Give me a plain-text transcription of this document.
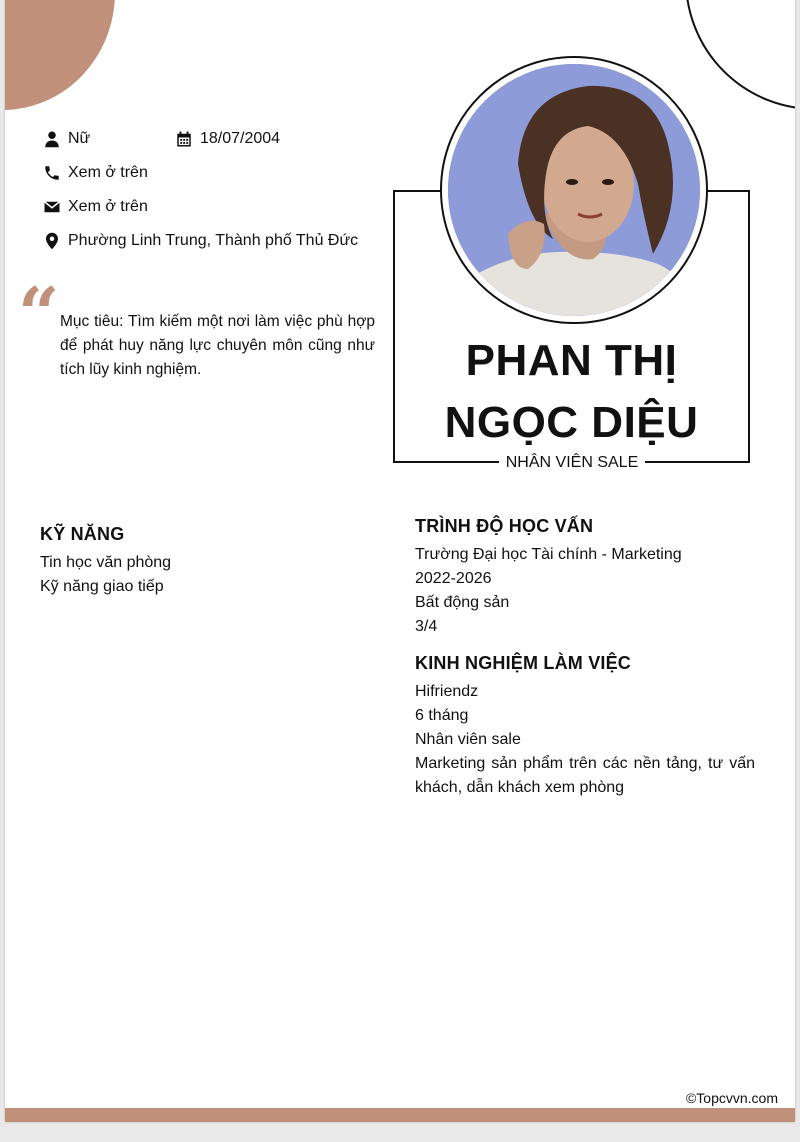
Nữ	18/07/2004
Xem ở trên
Xem ở trên
Phường Linh Trung, Thành phố Thủ Đức
“ Mục tiêu: Tìm kiếm một nơi làm việc phù hợp để phát huy năng lực chuyên môn cũng như tích lũy kinh nghiệm.	PHAN THỊ
NGỌC DIỆU
NHÂN VIÊN SALE
KỸ NĂNG
Tin học văn phòng
Kỹ năng giao tiếp
TRÌNH ĐỘ HỌC VẤN
Trường Đại học Tài chính - Marketing
2022-2026
Bất động sản
3/4
KINH NGHIỆM LÀM VIỆC
Hifriendz
6 tháng
Nhân viên sale
Marketing sản phẩm trên các nền tảng, tư vấn khách, dẫn khách xem phòng
©Topcvvn.com
